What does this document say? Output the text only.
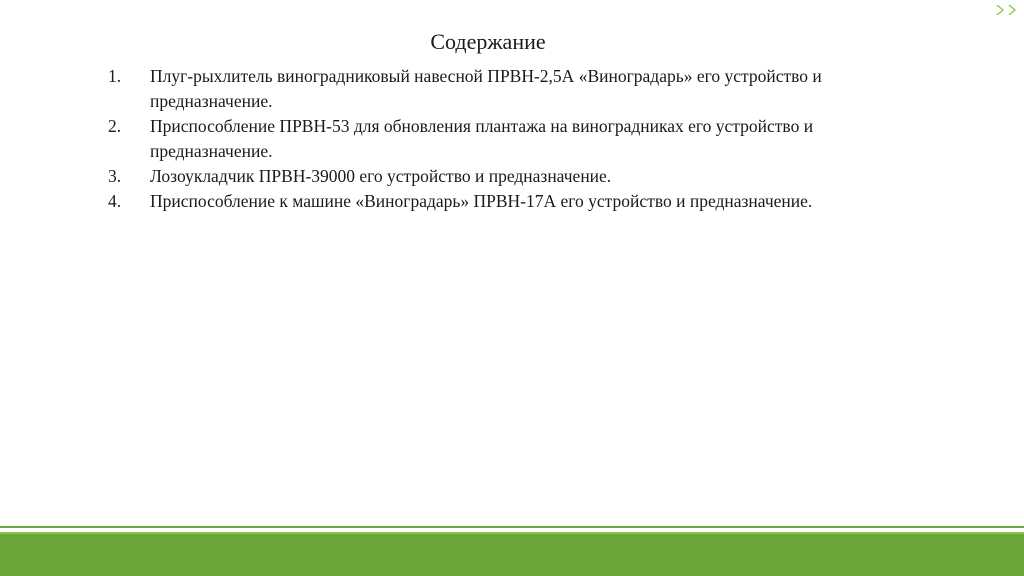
Содержание
1. Плуг-рыхлитель виноградниковый навесной ПРВН-2,5А «Виноградарь» его устройство и предназначение.
2. Приспособление ПРВН-53 для обновления плантажа на виноградниках его устройство и предназначение.
3. Лозоукладчик ПРВН-39000 его устройство и предназначение.
4. Приспособление к машине «Виноградарь» ПРВН-17А его устройство и предназначение.
